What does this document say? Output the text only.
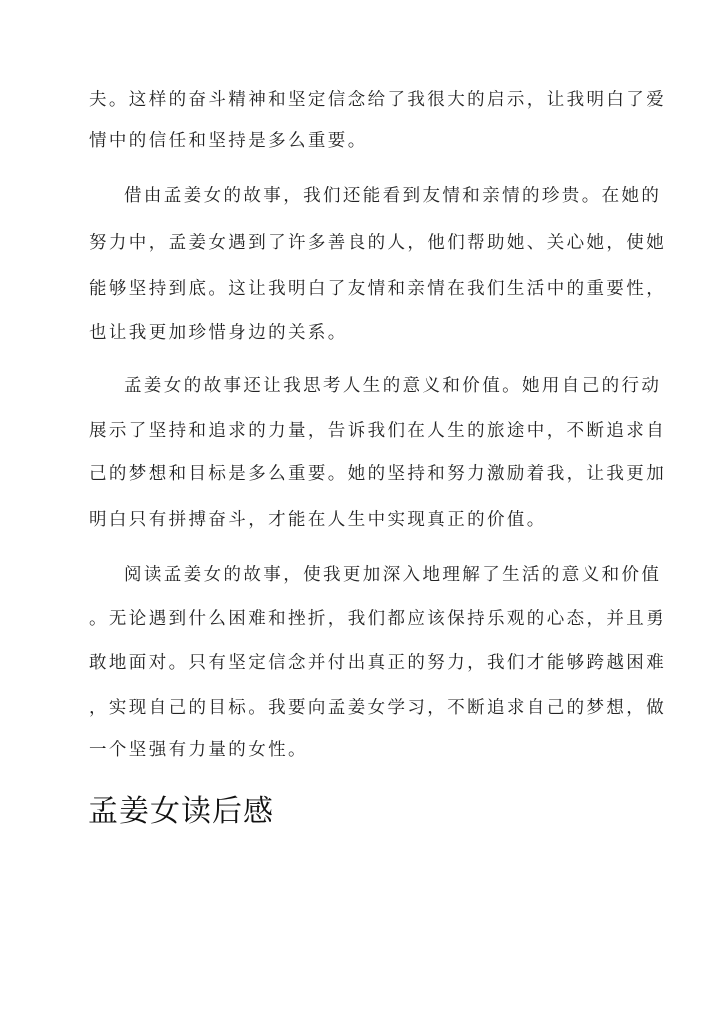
夫。这样的奋斗精神和坚定信念给了我很大的启示，让我明白了爱
情中的信任和坚持是多么重要。
借由孟姜女的故事，我们还能看到友情和亲情的珍贵。在她的
努力中，孟姜女遇到了许多善良的人，他们帮助她、关心她，使她
能够坚持到底。这让我明白了友情和亲情在我们生活中的重要性，
也让我更加珍惜身边的关系。
孟姜女的故事还让我思考人生的意义和价值。她用自己的行动
展示了坚持和追求的力量，告诉我们在人生的旅途中，不断追求自
己的梦想和目标是多么重要。她的坚持和努力激励着我，让我更加
明白只有拼搏奋斗，才能在人生中实现真正的价值。
阅读孟姜女的故事，使我更加深入地理解了生活的意义和价值
。无论遇到什么困难和挫折，我们都应该保持乐观的心态，并且勇
敢地面对。只有坚定信念并付出真正的努力，我们才能够跨越困难
，实现自己的目标。我要向孟姜女学习，不断追求自己的梦想，做
一个坚强有力量的女性。
孟姜女读后感
